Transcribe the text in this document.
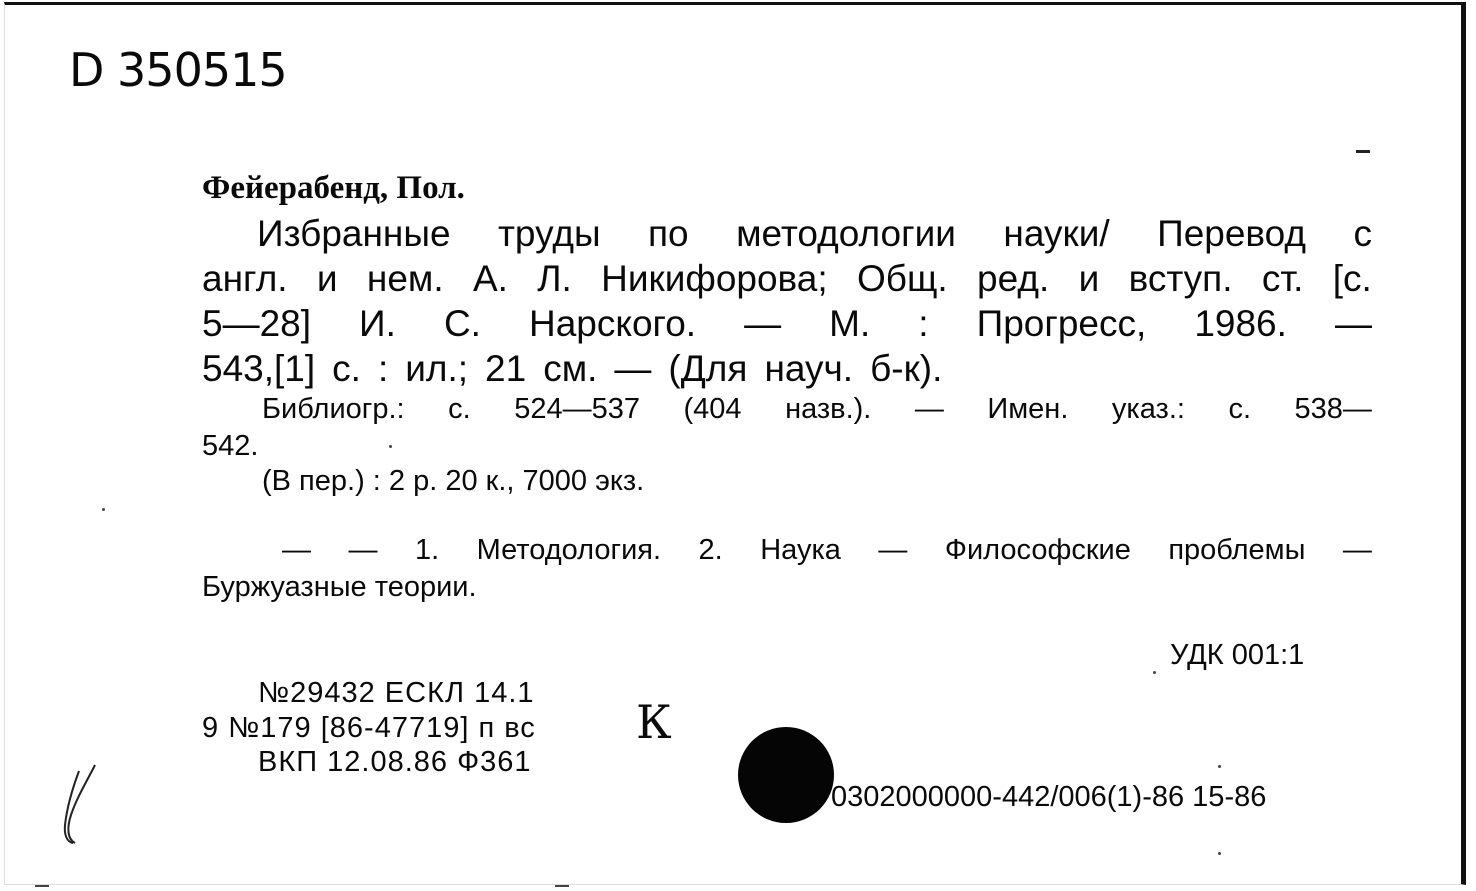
D 350515
Фейерабенд, Пол.
Избранные труды по методологии науки/ Перевод с
англ. и нем. А. Л. Никифорова; Общ. ред. и вступ. ст. [с.
5—28] И. С. Нарского. — М. : Прогресс, 1986. —
543,[1] с. : ил.; 21 см. — (Для науч. б-к).
Библиогр.: с. 524—537 (404 назв.). — Имен. указ.: с. 538—
542.
(В пер.) : 2 р. 20 к., 7000 экз.
— — 1. Методология. 2. Наука — Философские проблемы —
Буржуазные теории.
УДК 001:1
№29432 ЕСКЛ 14.1
9 №179 [86-47719] п вс
ВКП 12.08.86 Ф361
К
0302000000-442/006(1)-86 15-86
